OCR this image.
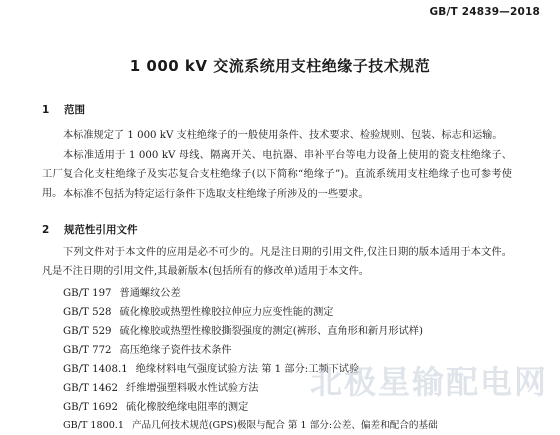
GB/T 24839—2018
1 000 kV 交流系统用支柱绝缘子技术规范
1 范围
本标准规定了 1 000 kV 支柱绝缘子的一般使用条件、技术要求、检验规则、包装、标志和运输。
本标准适用于 1 000 kV 母线、隔离开关、电抗器、串补平台等电力设备上使用的瓷支柱绝缘子、工厂复合化支柱绝缘子及实芯复合支柱绝缘子(以下简称“绝缘子”)。直流系统用支柱绝缘子也可参考使用。 本标准不包括为特定运行条件下选取支柱绝缘子所涉及的一些要求。
2 规范性引用文件
下列文件对于本文件的应用是必不可少的。凡是注日期的引用文件,仅注日期的版本适用于本文件。凡是不注日期的引用文件,其最新版本(包括所有的修改单)适用于本文件。
GB/T 197 普通螺纹公差
GB/T 528 硫化橡胶或热塑性橡胶拉伸应力应变性能的测定
GB/T 529 硫化橡胶或热塑性橡胶撕裂强度的测定(裤形、直角形和新月形试样)
GB/T 772 高压绝缘子瓷件技术条件
GB/T 1408.1 绝缘材料电气强度试验方法 第 1 部分:工频下试验
GB/T 1462 纤维增强塑料吸水性试验方法
GB/T 1692 硫化橡胶绝缘电阻率的测定
GB/T 1800.1 产品几何技术规范(GPS)极限与配合 第 1 部分:公差、偏差和配合的基础
北极星输配电网
